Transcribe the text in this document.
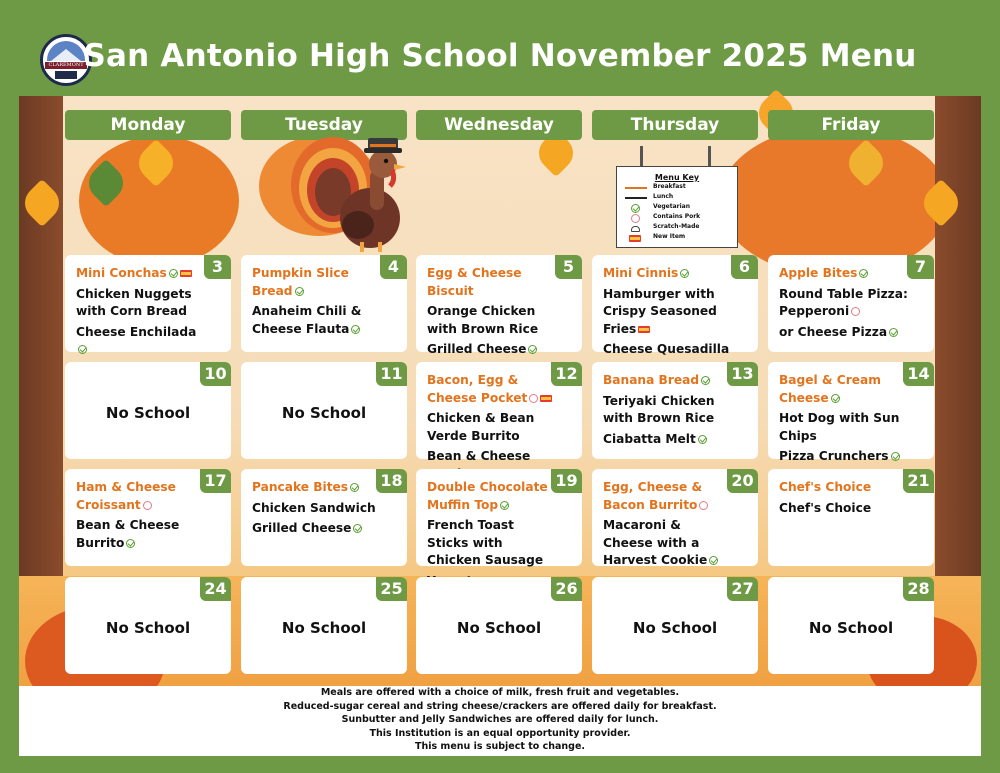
CLAREMONT San Antonio High School November 2025 Menu
Monday	Tuesday	Wednesday	Thursday	Friday
Menu Key
Breakfast
Lunch
Vegetarian
Contains Pork
Scratch-Made
New Item
3
Mini Conchas
Chicken Nuggets with Corn Bread
Cheese Enchilada
4
Pumpkin Slice Bread
Anaheim Chili & Cheese Flauta
5
Egg & Cheese Biscuit
Orange Chicken with Brown Rice
Grilled Cheese
6
Mini Cinnis
Hamburger with Crispy Seasoned Fries
Cheese Quesadilla
7
Apple Bites
Round Table Pizza: Pepperoni
or Cheese Pizza
10
No School
11
No School
12
Bacon, Egg & Cheese Pocket
Chicken & Bean Verde Burrito
Bean & Cheese
13
Banana Bread
Teriyaki Chicken with Brown Rice
Ciabatta Melt
14
Bagel & Cream Cheese
Hot Dog with Sun Chips
Pizza Crunchers
17
Ham & Cheese Croissant
Bean & Cheese Burrito
18
Pancake Bites
Chicken Sandwich
Grilled Cheese
19
Double Chocolate Muffin Top
French Toast Sticks with Chicken Sausage
20
Egg, Cheese & Bacon Burrito
Macaroni & Cheese with a Harvest Cookie
21
Chef's Choice
Chef's Choice
24
No School
25
No School
26
No School
27
No School
28
No School
Meals are offered with a choice of milk, fresh fruit and vegetables.
Reduced-sugar cereal and string cheese/crackers are offered daily for breakfast.
Sunbutter and Jelly Sandwiches are offered daily for lunch.
This Institution is an equal opportunity provider.
This menu is subject to change.
